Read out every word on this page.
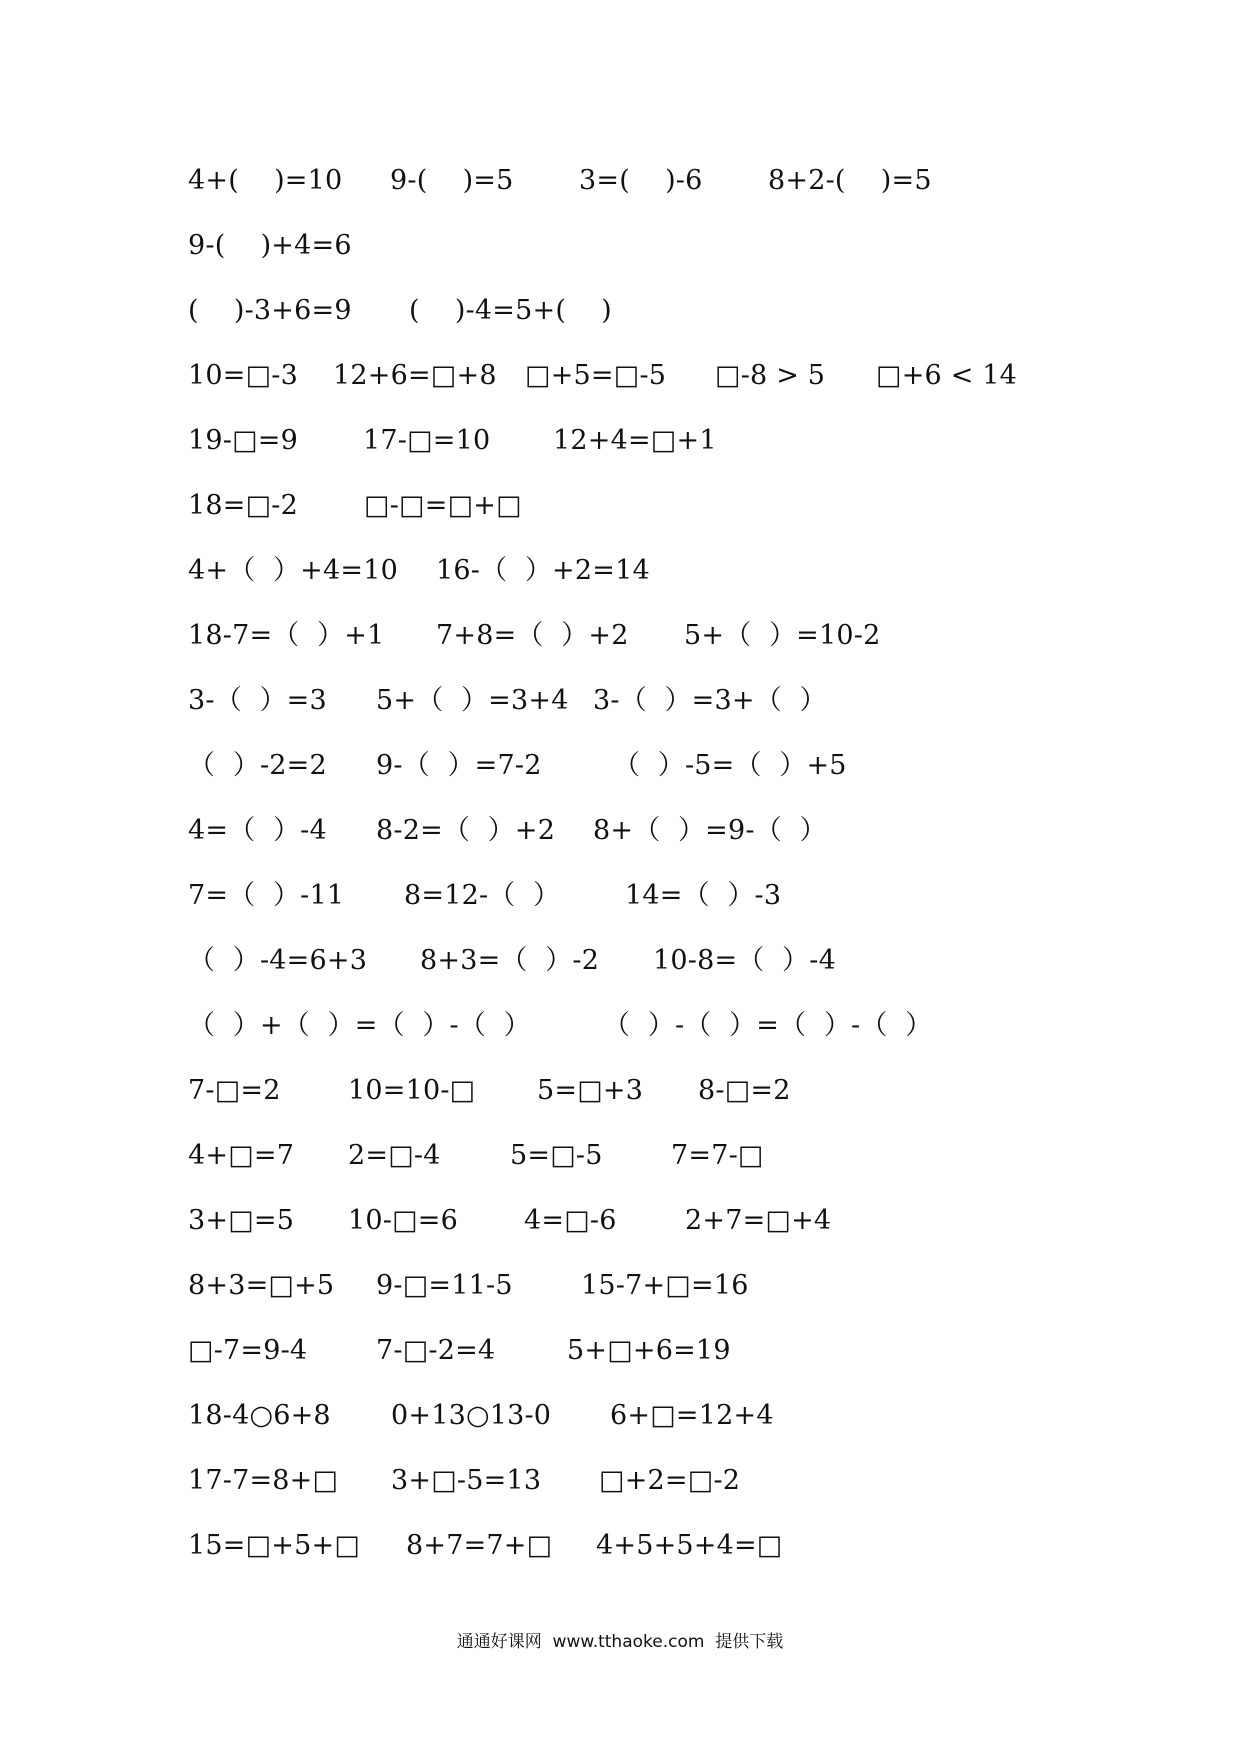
4+(    )=10 9-(    )=5 3=(    )-6 8+2-(    )=5
9-(    )+4=6
(    )-3+6=9 (    )-4=5+(    )
10=□-3 12+6=□+8 □+5=□-5 □-8 > 5 □+6 < 14
19-□=9 17-□=10 12+4=□+1
18=□-2 □-□=□+□
4+（  ）+4=10 16-（  ）+2=14
18-7=（  ）+1 7+8=（  ）+2 5+（  ）=10-2
3-（  ）=3 5+（  ）=3+4 3-（  ）=3+（  ）
（  ）-2=2 9-（  ）=7-2	（  ）-5=（  ）+5
4=（  ）-4 8-2=（  ）+2 8+（  ）=9-（  ）
7=（  ）-11 8=12-（  ） 14=（  ）-3
（  ）-4=6+3 8+3=（  ）-2 10-8=（  ）-4
（  ）+（  ）=（  ）-（  ）	（  ）-（  ）=（  ）-（  ）
7-□=2 10=10-□ 5=□+3 8-□=2
4+□=7 2=□-4	5=□-5	7=7-□
3+□=5 10-□=6 4=□-6	2+7=□+4
8+3=□+5 9-□=11-5	15-7+□=16
□-7=9-4	7-□-2=4	5+□+6=19
18-4○6+8 0+13○13-0 6+□=12+4
17-7=8+□ 3+□-5=13 □+2=□-2
15=□+5+□ 8+7=7+□ 4+5+5+4=□
通通好课网  www.tthaoke.com  提供下载
